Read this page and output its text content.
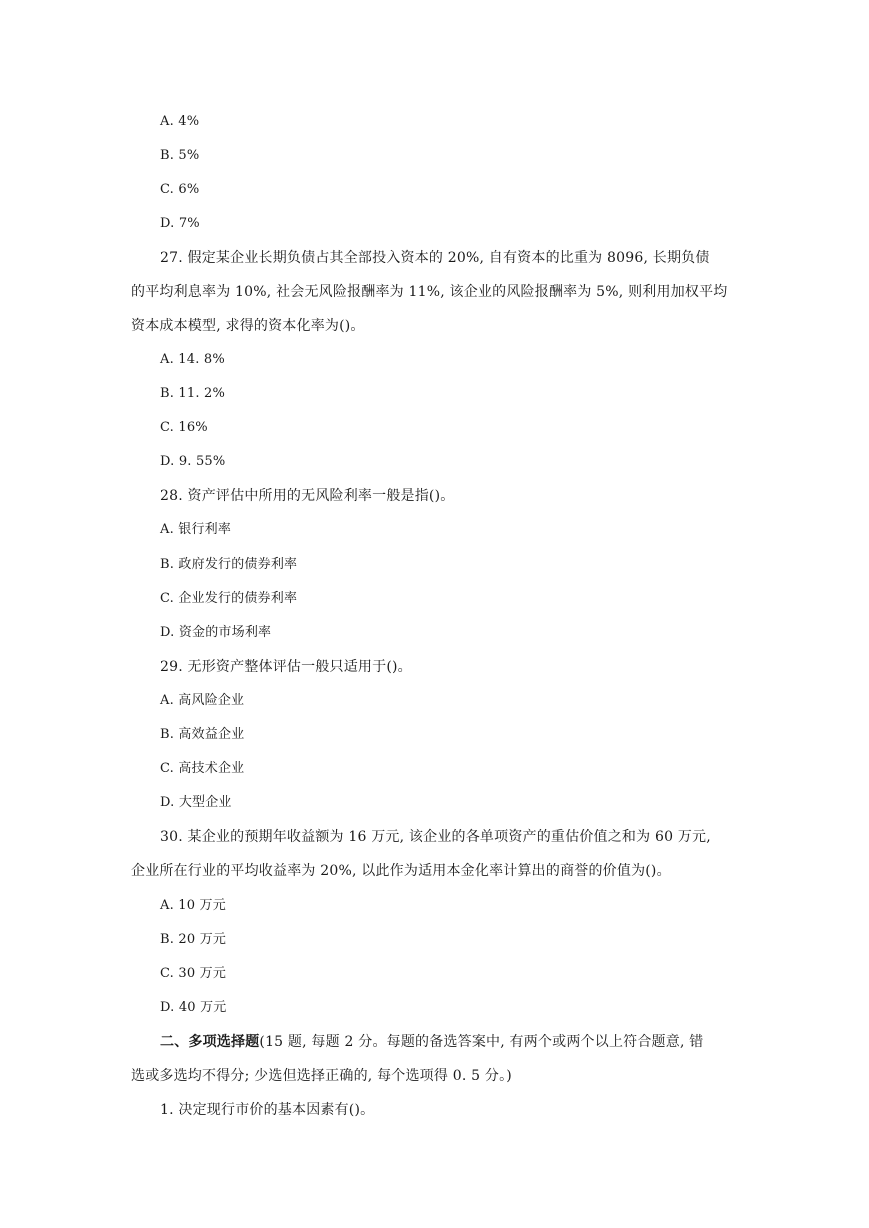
A. 4%
B. 5%
C. 6%
D. 7%
27. 假定某企业长期负债占其全部投入资本的 20%, 自有资本的比重为 8096, 长期负债
的平均利息率为 10%, 社会无风险报酬率为 11%, 该企业的风险报酬率为 5%, 则利用加权平均
资本成本模型, 求得的资本化率为()。
A. 14. 8%
B. 11. 2%
C. 16%
D. 9. 55%
28. 资产评估中所用的无风险利率一般是指()。
A. 银行利率
B. 政府发行的债券利率
C. 企业发行的债券利率
D. 资金的市场利率
29. 无形资产整体评估一般只适用于()。
A. 高风险企业
B. 高效益企业
C. 高技术企业
D. 大型企业
30. 某企业的预期年收益额为 16 万元, 该企业的各单项资产的重估价值之和为 60 万元,
企业所在行业的平均收益率为 20%, 以此作为适用本金化率计算出的商誉的价值为()。
A. 10 万元
B. 20 万元
C. 30 万元
D. 40 万元
二、多项选择题(15 题, 每题 2 分。每题的备选答案中, 有两个或两个以上符合题意, 错
选或多选均不得分; 少选但选择正确的, 每个选项得 0. 5 分。)
1. 决定现行市价的基本因素有()。
